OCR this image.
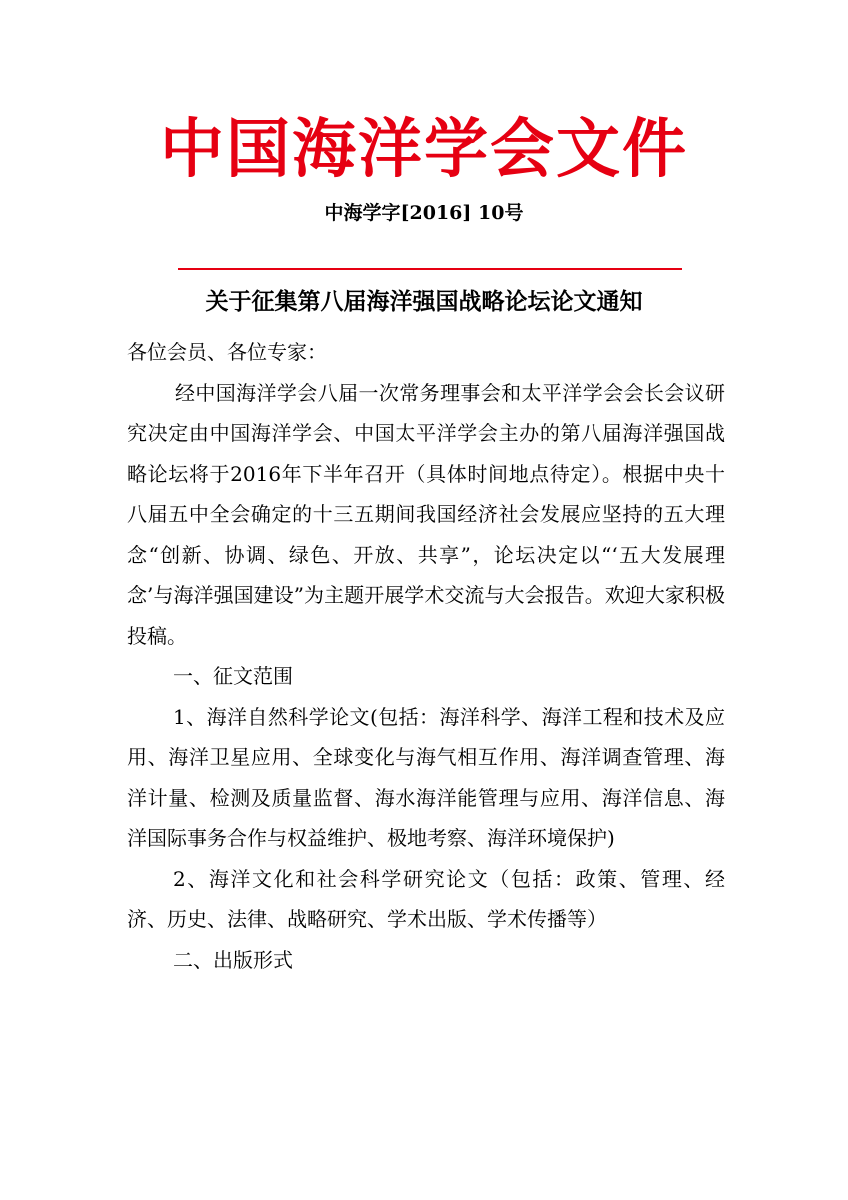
中国海洋学会文件
中海学字[2016] 10号
关于征集第八届海洋强国战略论坛论文通知

各位会员、各位专家：

经中国海洋学会八届一次常务理事会和太平洋学会会长会议研究决定由中国海洋学会、中国太平洋学会主办的第八届海洋强国战略论坛将于2016年下半年召开（具体时间地点待定）。根据中央十八届五中全会确定的十三五期间我国经济社会发展应坚持的五大理念“创新、协调、绿色、开放、共享”，论坛决定以“‘五大发展理念’与海洋强国建设”为主题开展学术交流与大会报告。欢迎大家积极投稿。

一、征文范围

1、海洋自然科学论文(包括：海洋科学、海洋工程和技术及应用、海洋卫星应用、全球变化与海气相互作用、海洋调查管理、海洋计量、检测及质量监督、海水海洋能管理与应用、海洋信息、海洋国际事务合作与权益维护、极地考察、海洋环境保护)

2、海洋文化和社会科学研究论文（包括：政策、管理、经济、历史、法律、战略研究、学术出版、学术传播等）

二、出版形式
